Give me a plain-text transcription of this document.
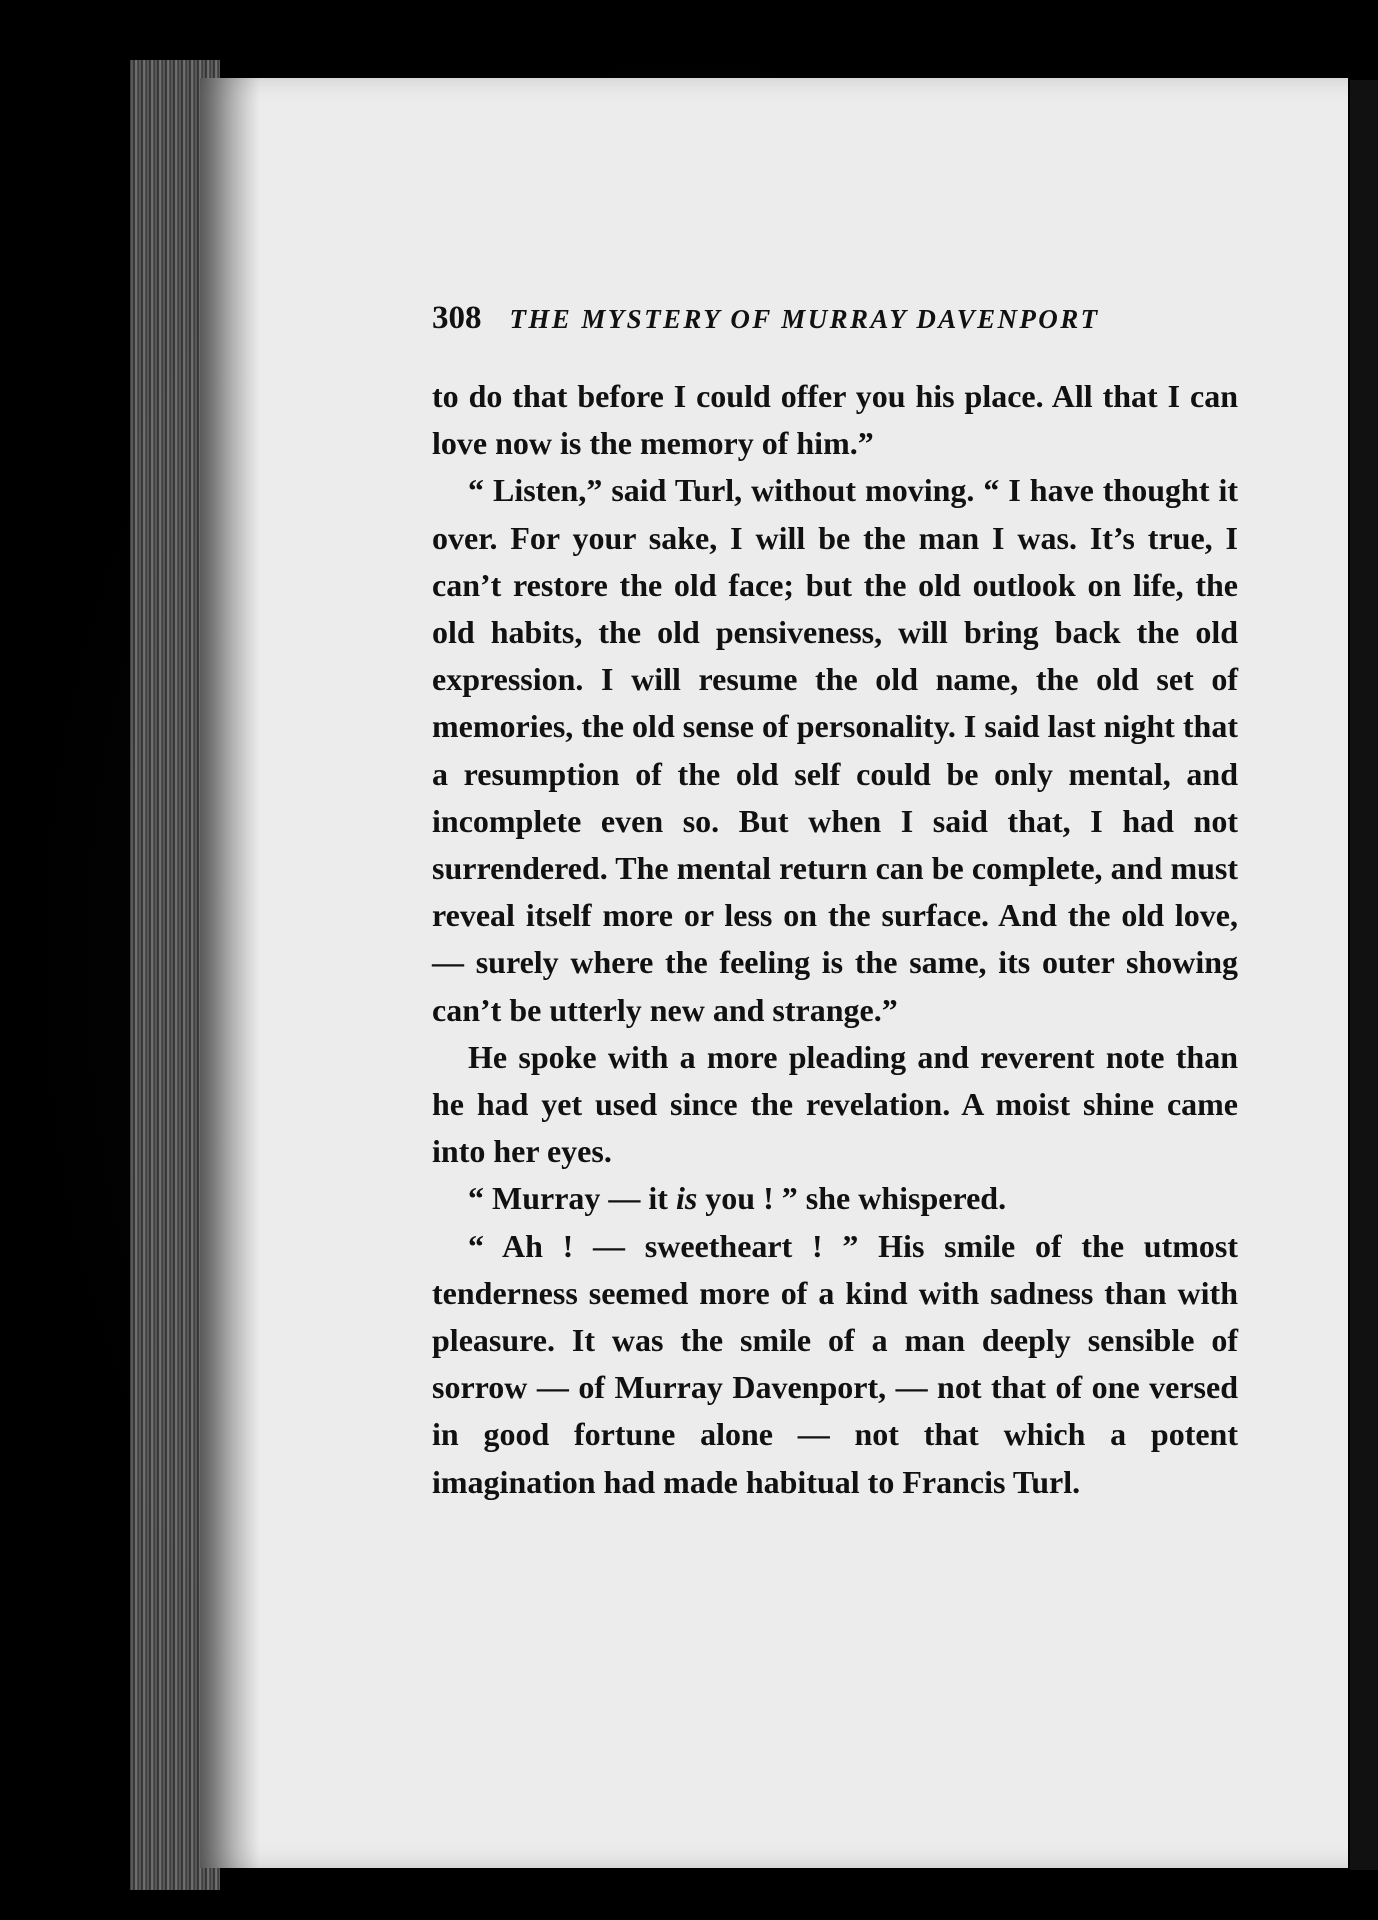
308 THE MYSTERY OF MURRAY DAVENPORT

to do that before I could offer you his place. All that I can love now is the memory of him.”

“ Listen,” said Turl, without moving. “ I have thought it over. For your sake, I will be the man I was. It’s true, I can’t restore the old face; but the old outlook on life, the old habits, the old pensiveness, will bring back the old expression. I will resume the old name, the old set of memories, the old sense of personality. I said last night that a resumption of the old self could be only mental, and incomplete even so. But when I said that, I had not surrendered. The mental return can be complete, and must reveal itself more or less on the surface. And the old love, — surely where the feeling is the same, its outer showing can’t be utterly new and strange.”

He spoke with a more pleading and reverent note than he had yet used since the revelation. A moist shine came into her eyes.

“ Murray — it is you ! ” she whispered.

“ Ah ! — sweetheart ! ” His smile of the utmost tenderness seemed more of a kind with sadness than with pleasure. It was the smile of a man deeply sensible of sorrow — of Murray Davenport, — not that of one versed in good fortune alone — not that which a potent imagination had made habitual to Francis Turl.
